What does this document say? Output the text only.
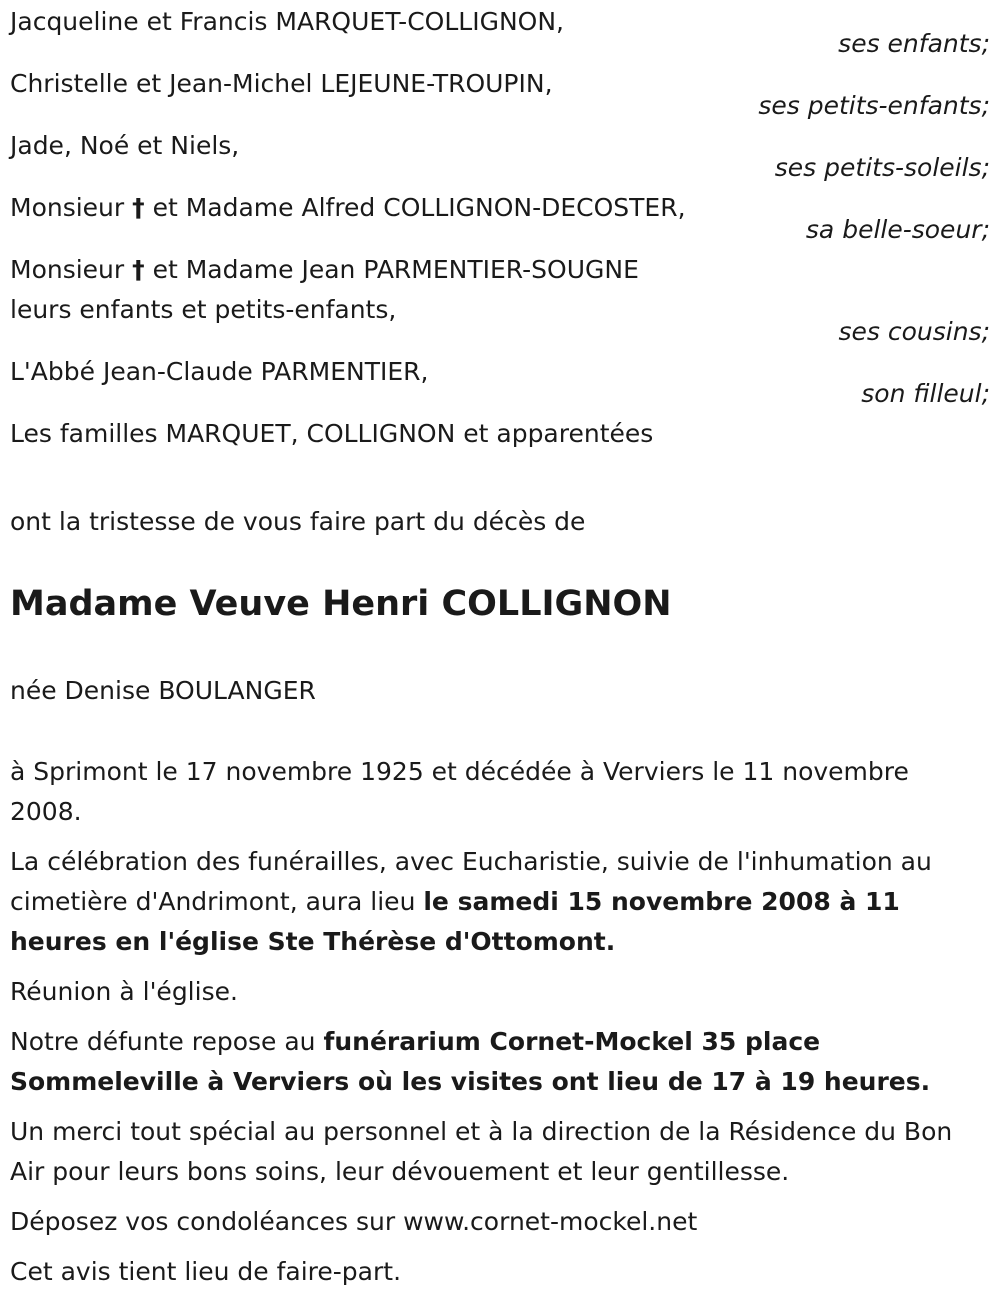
Jacqueline et Francis MARQUET-COLLIGNON,
ses enfants;
Christelle et Jean-Michel LEJEUNE-TROUPIN,
ses petits-enfants;
Jade, Noé et Niels,
ses petits-soleils;
Monsieur † et Madame Alfred COLLIGNON-DECOSTER,
sa belle-soeur;
Monsieur † et Madame Jean PARMENTIER-SOUGNE
leurs enfants et petits-enfants,
ses cousins;
L'Abbé Jean-Claude PARMENTIER,
son filleul;
Les familles MARQUET, COLLIGNON et apparentées
ont la tristesse de vous faire part du décès de
Madame Veuve Henri COLLIGNON
née Denise BOULANGER

à Sprimont le 17 novembre 1925 et décédée à Verviers le 11 novembre 2008.

La célébration des funérailles, avec Eucharistie, suivie de l'inhumation au cimetière d'Andrimont, aura lieu le samedi 15 novembre 2008 à 11 heures en l'église Ste Thérèse d'Ottomont.

Réunion à l'église.

Notre défunte repose au funérarium Cornet-Mockel 35 place Sommeleville à Verviers où les visites ont lieu de 17 à 19 heures.

Un merci tout spécial au personnel et à la direction de la Résidence du Bon Air pour leurs bons soins, leur dévouement et leur gentillesse.

Déposez vos condoléances sur www.cornet-mockel.net

Cet avis tient lieu de faire-part.
